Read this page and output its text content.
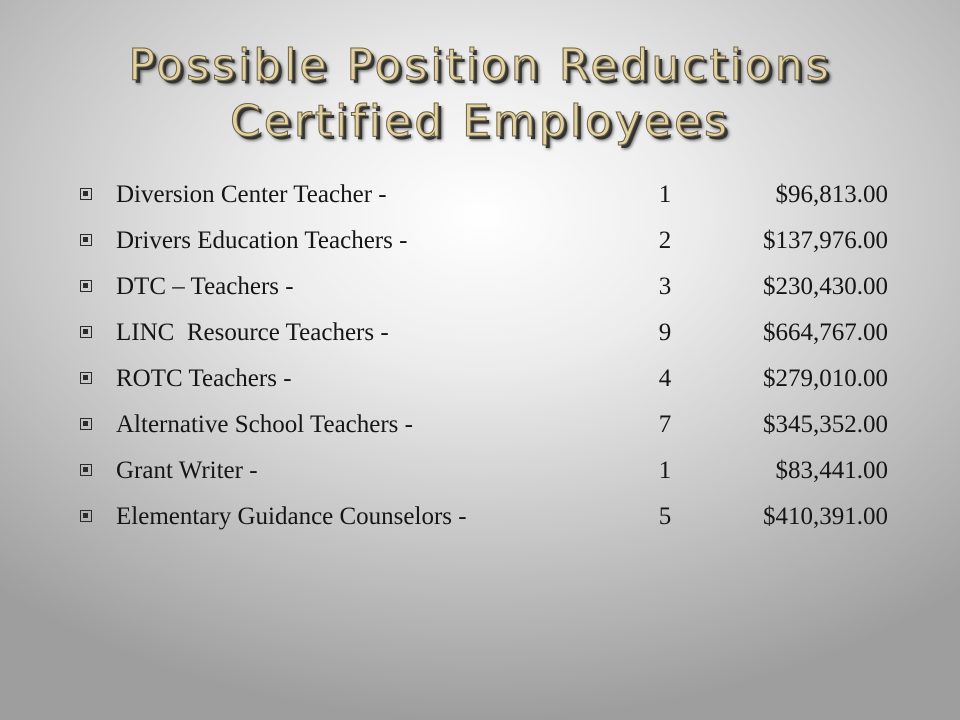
Possible Position Reductions
Certified Employees
Diversion Center Teacher -	1	$96,813.00
Drivers Education Teachers -	2	$137,976.00
DTC – Teachers -	3	$230,430.00
LINC  Resource Teachers -	9	$664,767.00
ROTC Teachers -	4	$279,010.00
Alternative School Teachers -	7	$345,352.00
Grant Writer -	1	$83,441.00
Elementary Guidance Counselors -	5	$410,391.00
